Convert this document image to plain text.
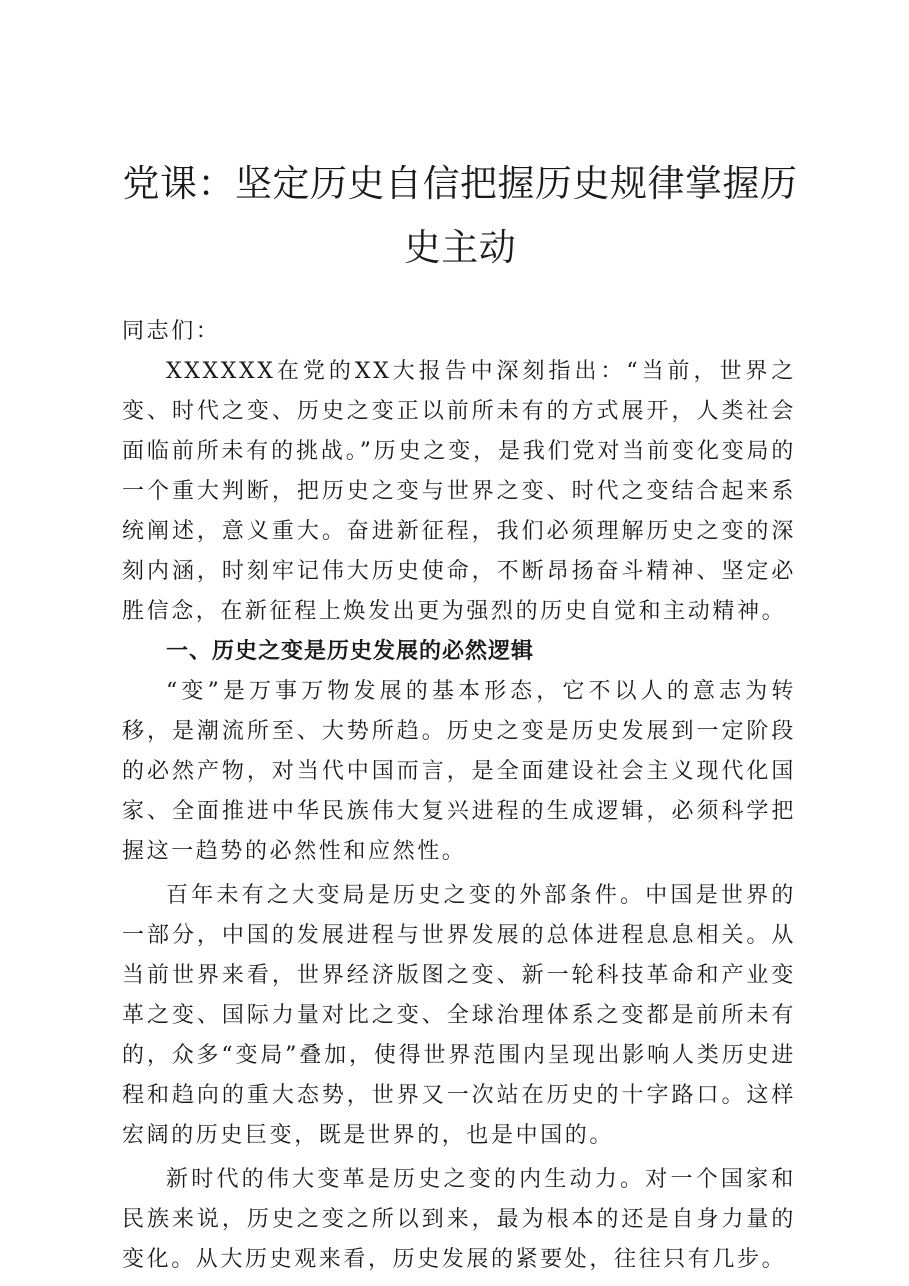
党课：坚定历史自信把握历史规律掌握历史主动

同志们：

XXXXXX在党的XX大报告中深刻指出：“当前，世界之变、时代之变、历史之变正以前所未有的方式展开，人类社会面临前所未有的挑战。”历史之变，是我们党对当前变化变局的一个重大判断，把历史之变与世界之变、时代之变结合起来系统阐述，意义重大。奋进新征程，我们必须理解历史之变的深刻内涵，时刻牢记伟大历史使命，不断昂扬奋斗精神、坚定必胜信念，在新征程上焕发出更为强烈的历史自觉和主动精神。

一、历史之变是历史发展的必然逻辑

“变”是万事万物发展的基本形态，它不以人的意志为转移，是潮流所至、大势所趋。历史之变是历史发展到一定阶段的必然产物，对当代中国而言，是全面建设社会主义现代化国家、全面推进中华民族伟大复兴进程的生成逻辑，必须科学把握这一趋势的必然性和应然性。

百年未有之大变局是历史之变的外部条件。中国是世界的一部分，中国的发展进程与世界发展的总体进程息息相关。从当前世界来看，世界经济版图之变、新一轮科技革命和产业变革之变、国际力量对比之变、全球治理体系之变都是前所未有的，众多“变局”叠加，使得世界范围内呈现出影响人类历史进程和趋向的重大态势，世界又一次站在历史的十字路口。这样宏阔的历史巨变，既是世界的，也是中国的。

新时代的伟大变革是历史之变的内生动力。对一个国家和民族来说，历史之变之所以到来，最为根本的还是自身力量的变化。从大历史观来看，历史发展的紧要处，往往只有几步。
